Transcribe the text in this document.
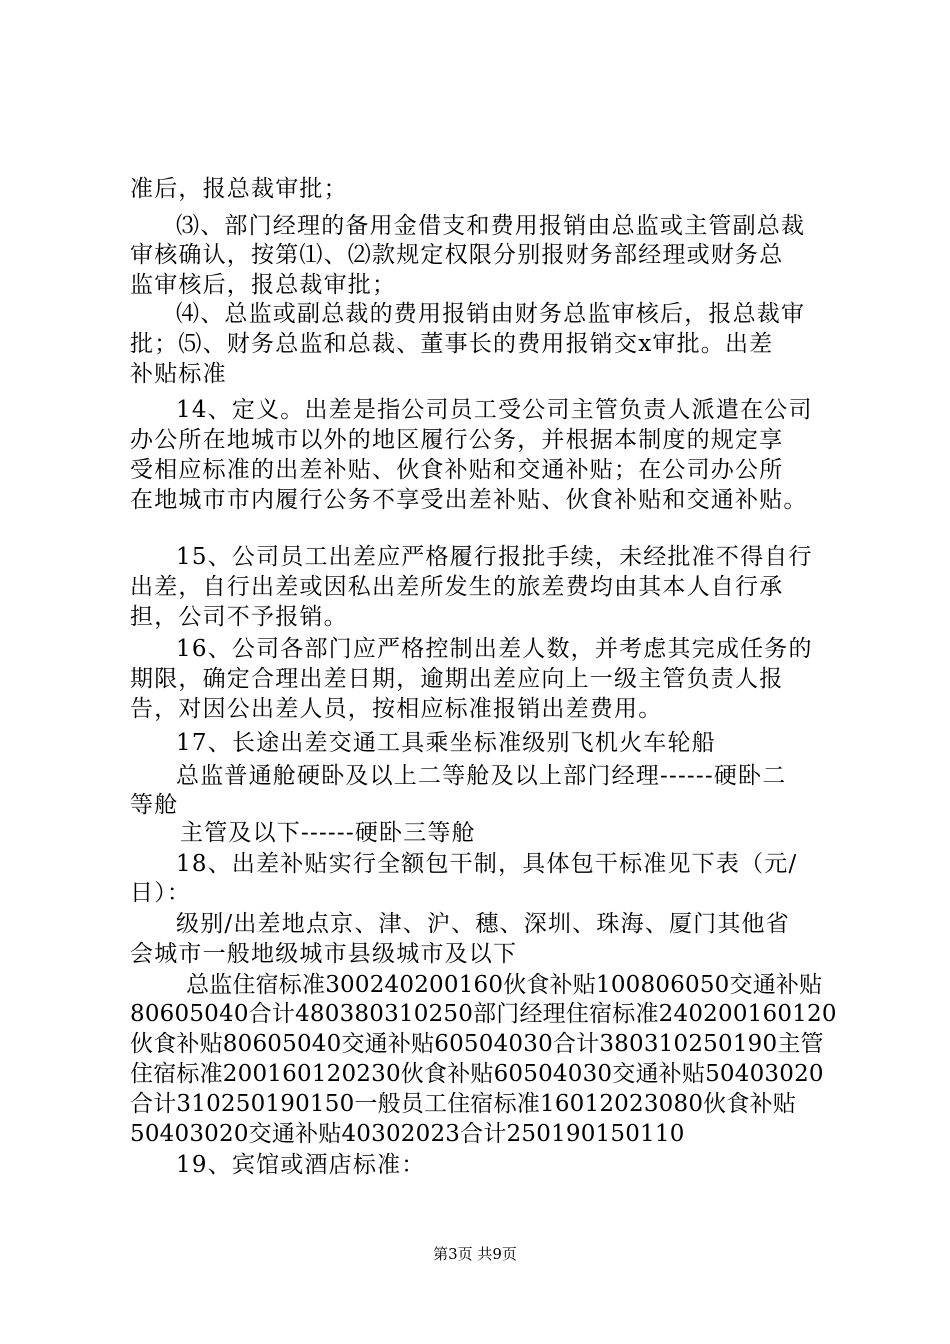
准后，报总裁审批；
⑶、部门经理的备用金借支和费用报销由总监或主管副总裁
审核确认，按第⑴、⑵款规定权限分别报财务部经理或财务总
监审核后，报总裁审批；
⑷、总监或副总裁的费用报销由财务总监审核后，报总裁审
批；⑸、财务总监和总裁、董事长的费用报销交x审批。出差
补贴标准
14、定义。出差是指公司员工受公司主管负责人派遣在公司
办公所在地城市以外的地区履行公务，并根据本制度的规定享
受相应标准的出差补贴、伙食补贴和交通补贴；在公司办公所
在地城市市内履行公务不享受出差补贴、伙食补贴和交通补贴。
15、公司员工出差应严格履行报批手续，未经批准不得自行
出差，自行出差或因私出差所发生的旅差费均由其本人自行承
担，公司不予报销。
16、公司各部门应严格控制出差人数，并考虑其完成任务的
期限，确定合理出差日期，逾期出差应向上一级主管负责人报
告，对因公出差人员，按相应标准报销出差费用。
17、长途出差交通工具乘坐标准级别飞机火车轮船
总监普通舱硬卧及以上二等舱及以上部门经理------硬卧二
等舱
主管及以下------硬卧三等舱
18、出差补贴实行全额包干制，具体包干标准见下表（元/
日）：
级别/出差地点京、津、沪、穗、深圳、珠海、厦门其他省
会城市一般地级城市县级城市及以下
总监住宿标准300240200160伙食补贴100806050交通补贴
80605040合计480380310250部门经理住宿标准240200160120
伙食补贴80605040交通补贴60504030合计380310250190主管
住宿标准200160120230伙食补贴60504030交通补贴50403020
合计310250190150一般员工住宿标准16012023080伙食补贴
50403020交通补贴40302023合计250190150110
19、宾馆或酒店标准：
第3页 共9页
